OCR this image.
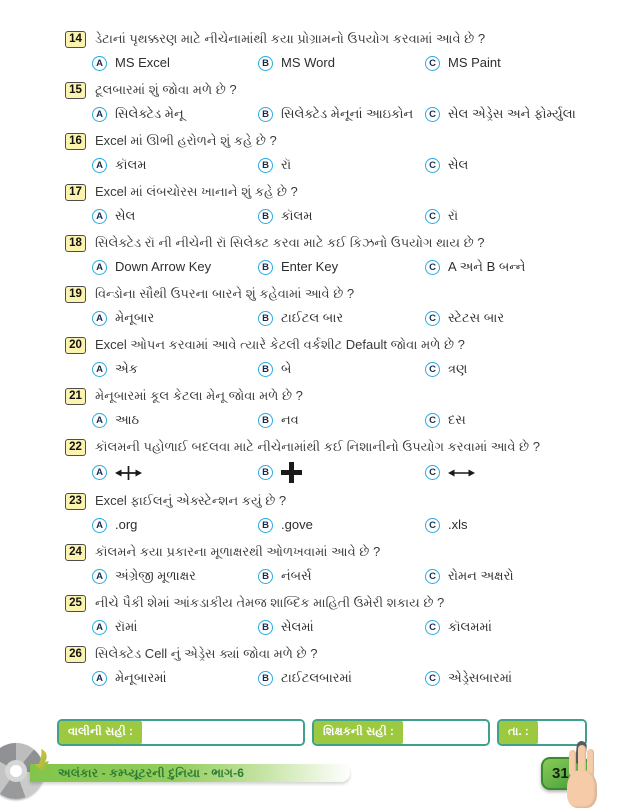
14	ડેટાનાં પૃથક્કરણ માટે નીચેનામાંથી કયા પ્રોગ્રામનો ઉપયોગ કરવામાં આવે છે ?
A MS Excel	B MS Word	C MS Paint
15	ટૂલબારમાં શું જોવા મળે છે ?
A સિલેક્ટેડ મેનૂ	B સિલેક્ટેડ મેનૂનાં આઇકોન	C સેલ એડ્રેસ અને ફોર્મ્યુલા
16	Excel માં ઊભી હરોળને શું કહે છે ?
A કૉલમ	B રૉ	C સેલ
17	Excel માં લંબચોરસ ખાનાને શું કહે છે ?
A સેલ	B કૉલમ	C રૉ
18	સિલેક્ટેડ રૉ ની નીચેની રૉ સિલેક્ટ કરવા માટે કઈ કિઝનો ઉપયોગ થાય છે ?
A Down Arrow Key	B Enter Key	C A અને B બન્ને
19	વિન્ડોના સૌથી ઉપરના બારને શું કહેવામાં આવે છે ?
A મેનૂબાર	B ટાઈટલ બાર	C સ્ટેટસ બાર
20	Excel ઓપન કરવામાં આવે ત્યારે કેટલી વર્કશીટ Default જોવા મળે છે ?
A એક	B બે	C ત્રણ
21	મેનૂબારમાં કૂલ કેટલા મેનૂ જોવા મળે છે ?
A આઠ	B નવ	C દસ
22	કૉલમની પહોળાઈ બદલવા માટે નીચેનામાંથી કઈ નિશાનીનો ઉપયોગ કરવામાં આવે છે ?
A	B	C
23	Excel ફાઈલનું એક્સ્ટેન્શન કયું છે ?
A .org	B .gove	C .xls
24	કૉલમને કયા પ્રકારના મૂળાક્ષરથી ઓળખવામાં આવે છે ?
A અંગ્રેજી મૂળાક્ષર	B નંબર્સ	C રોમન અક્ષરો
25	નીચે પૈકી શેમાં આંકડાકીય તેમજ શાબ્દિક માહિતી ઉમેરી શકાય છે ?
A રૉમાં	B સેલમાં	C કૉલમમાં
26	સિલેક્ટેડ Cell નું એડ્રેસ ક્યાં જોવા મળે છે ?
A મેનૂબારમાં	B ટાઈટલબારમાં	C એડ્રેસબારમાં
વાલીની સહી :	શિક્ષકની સહી :	તા. :
અલંકાર - કમ્પ્યૂટરની દુનિયા - ભાગ-6	31
